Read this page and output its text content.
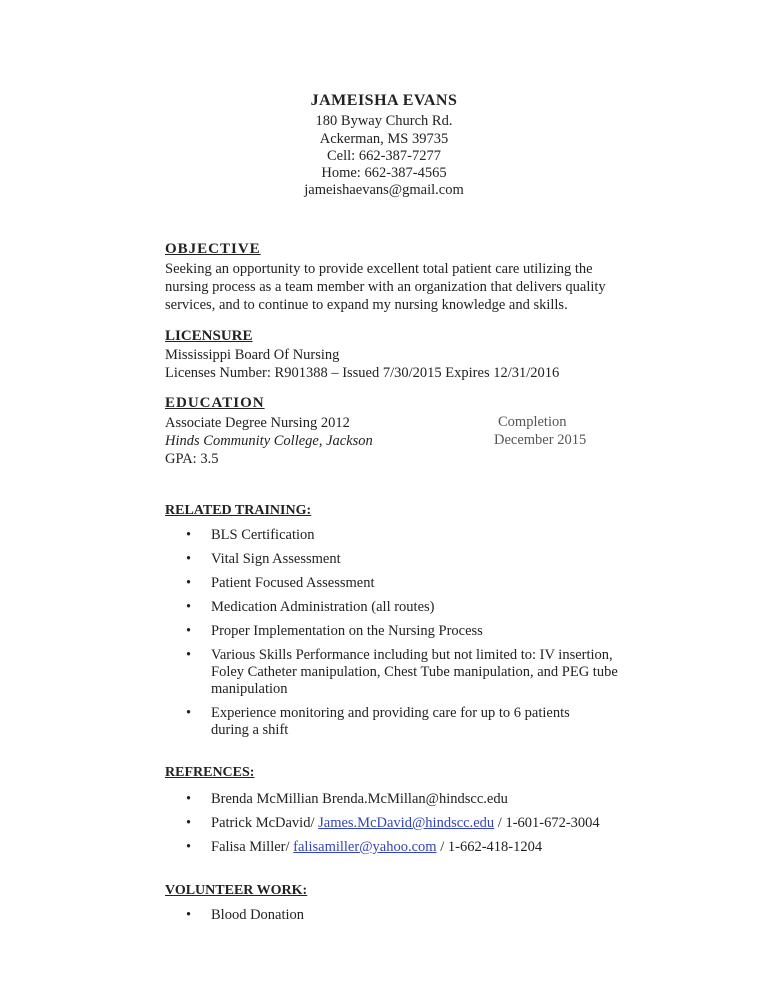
JAMEISHA EVANS
180 Byway Church Rd.
Ackerman, MS 39735
Cell: 662-387-7277
Home: 662-387-4565
jameishaevans@gmail.com
OBJECTIVE
Seeking an opportunity to provide excellent total patient care utilizing the nursing process as a team member with an organization that delivers quality services, and to continue to expand my nursing knowledge and skills.
LICENSURE
Mississippi Board Of Nursing
Licenses Number: R901388 – Issued 7/30/2015 Expires 12/31/2016
EDUCATION
Associate Degree Nursing 2012
Hinds Community College, Jackson
GPA: 3.5
Completion
December 2015
RELATED TRAINING:
• BLS Certification
• Vital Sign Assessment
• Patient Focused Assessment
• Medication Administration (all routes)
• Proper Implementation on the Nursing Process
• Various Skills Performance including but not limited to: IV insertion, Foley Catheter manipulation, Chest Tube manipulation, and PEG tube manipulation
• Experience monitoring and providing care for up to 6 patients during a shift
REFRENCES:
• Brenda McMillian Brenda.McMillan@hindscc.edu
• Patrick McDavid/ James.McDavid@hindscc.edu / 1-601-672-3004
• Falisa Miller/ falisamiller@yahoo.com / 1-662-418-1204
VOLUNTEER WORK:
• Blood Donation
